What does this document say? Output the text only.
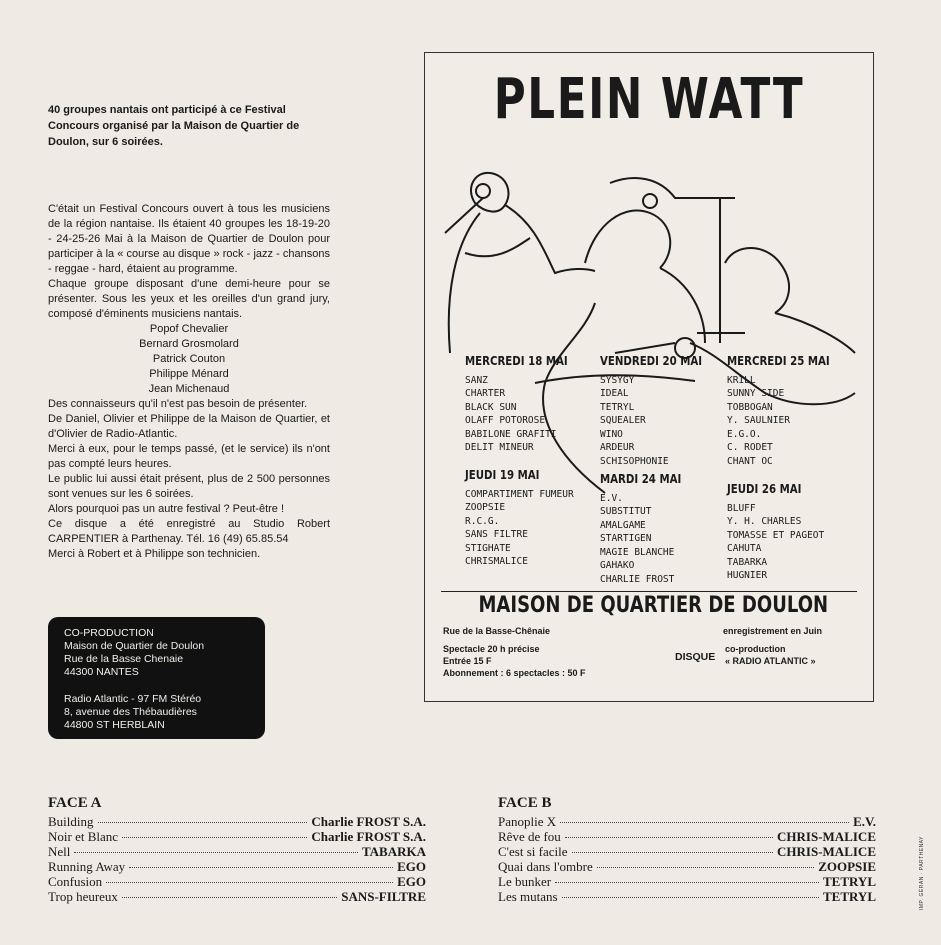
40 groupes nantais ont participé à ce Festival Concours organisé par la Maison de Quartier de Doulon, sur 6 soirées.

C'était un Festival Concours ouvert à tous les musiciens de la région nantaise. Ils étaient 40 groupes les 18-19-20 - 24-25-26 Mai à la Maison de Quartier de Doulon pour participer à la « course au disque » rock - jazz - chansons - reggae - hard, étaient au programme.

Chaque groupe disposant d'une demi-heure pour se présenter. Sous les yeux et les oreilles d'un grand jury, composé d'éminents musiciens nantais.

Popof Chevalier
Bernard Grosmolard
Patrick Couton
Philippe Ménard
Jean Michenaud

Des connaisseurs qu'il n'est pas besoin de présenter.

De Daniel, Olivier et Philippe de la Maison de Quartier, et d'Olivier de Radio-Atlantic.

Merci à eux, pour le temps passé, (et le service) ils n'ont pas compté leurs heures.

Le public lui aussi était présent, plus de 2 500 personnes sont venues sur les 6 soirées.

Alors pourquoi pas un autre festival ? Peut-être !

Ce disque a été enregistré au Studio Robert CARPENTIER à Parthenay. Tél. 16 (49) 65.85.54

Merci à Robert et à Philippe son technicien.

CO-PRODUCTION
Maison de Quartier de Doulon
Rue de la Basse Chenaie
44300 NANTES
Radio Atlantic - 97 FM Stéréo
8, avenue des Thébaudières
44800 ST HERBLAIN
PLEIN WATT
MERCREDI 18 MAI
SANZ
CHARTER
BLACK SUN
OLAFF POTOROSE
BABILONE GRAFITI
DELIT MINEUR
VENDREDI 20 MAI
SYSYGY
IDEAL
TETRYL
SQUEALER
WINO
ARDEUR
SCHISOPHONIE
MERCREDI 25 MAI
KRILL
SUNNY SIDE
TOBBOGAN
Y. SAULNIER
E.G.O.
C. RODET
CHANT OC
JEUDI 19 MAI
COMPARTIMENT FUMEUR
ZOOPSIE
R.C.G.
SANS FILTRE
STIGHATE
CHRISMALICE
MARDI 24 MAI
E.V.
SUBSTITUT
AMALGAME
STARTIGEN
MAGIE BLANCHE
GAHAKO
CHARLIE FROST
JEUDI 26 MAI
BLUFF
Y. H. CHARLES
TOMASSE ET PAGEOT
CAHUTA
TABARKA
HUGNIER
MAISON DE QUARTIER DE DOULON
Rue de la Basse-Chênaie	enregistrement en Juin
Spectacle 20 h précise
Entrée 15 F
Abonnement : 6 spectacles : 50 F
DISQUE
co-production
« RADIO ATLANTIC »
FACE A
Building	Charlie FROST S.A.
Noir et Blanc	Charlie FROST S.A.
Nell	TABARKA
Running Away	EGO
Confusion	EGO
Trop heureux	SANS-FILTRE
FACE B
Panoplie X	E.V.
Rêve de fou	CHRIS-MALICE
C'est si facile	CHRIS-MALICE
Quai dans l'ombre	ZOOPSIE
Le bunker	TETRYL
Les mutans	TETRYL	IMP. GÉRAN · PARTHENAY
